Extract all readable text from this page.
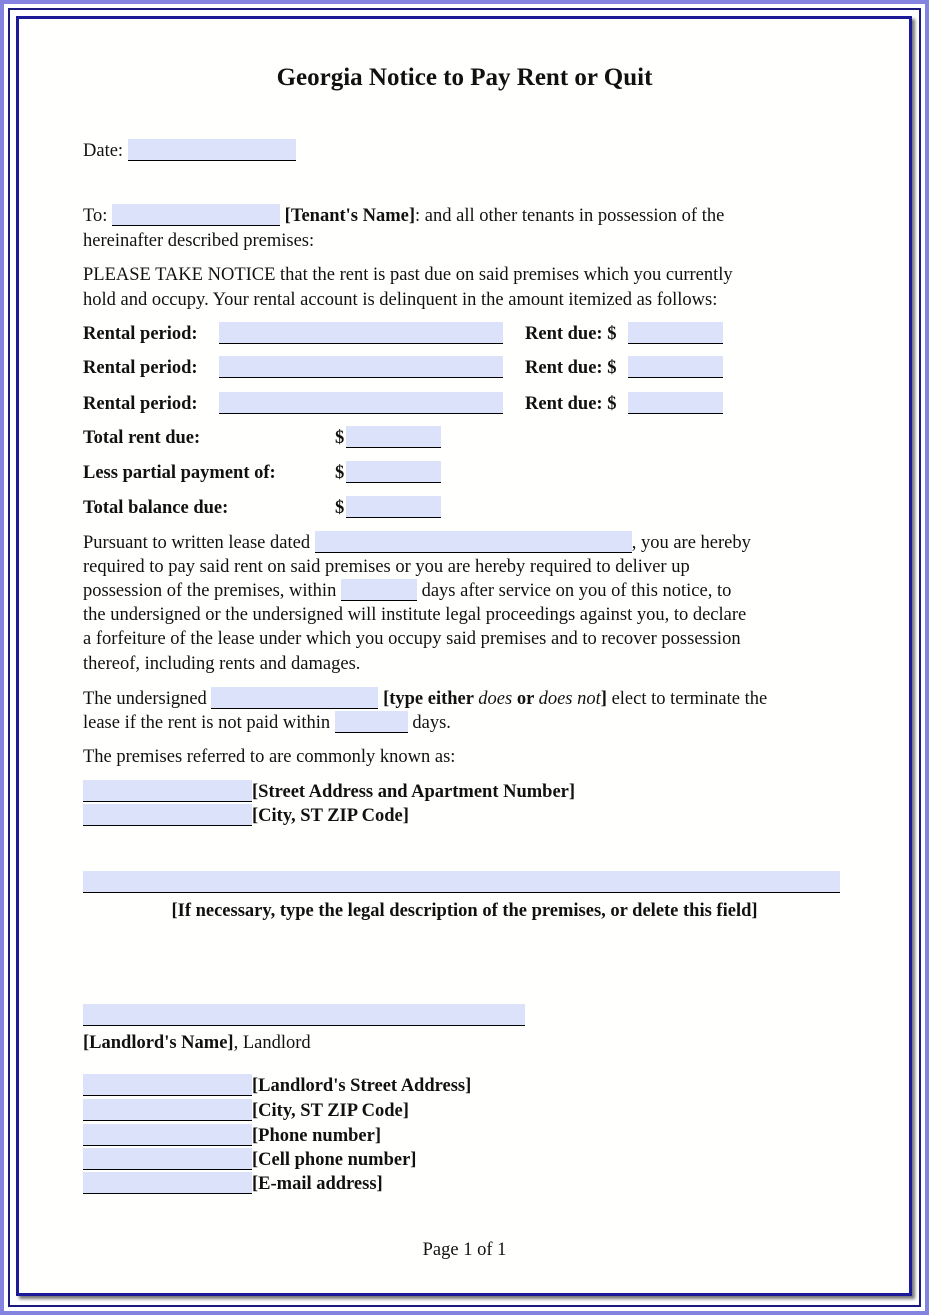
Georgia Notice to Pay Rent or Quit
Date:
To:	[Tenant's Name]: and all other tenants in possession of the
hereinafter described premises:
PLEASE TAKE NOTICE that the rent is past due on said premises which you currently
hold and occupy. Your rental account is delinquent in the amount itemized as follows:
Rental period:	Rent due: $
Rental period:	Rent due: $
Rental period:	Rent due: $
Total rent due:	$
Less partial payment of:	$
Total balance due:	$
Pursuant to written lease dated	, you are hereby
required to pay said rent on said premises or you are hereby required to deliver up
possession of the premises, within	days after service on you of this notice, to
the undersigned or the undersigned will institute legal proceedings against you, to declare
a forfeiture of the lease under which you occupy said premises and to recover possession
thereof, including rents and damages.
The undersigned	[type either does or does not] elect to terminate the
lease if the rent is not paid within	days.
The premises referred to are commonly known as:
[Street Address and Apartment Number]
[City, ST ZIP Code]
[If necessary, type the legal description of the premises, or delete this field]
[Landlord's Name], Landlord
[Landlord's Street Address]
[City, ST ZIP Code]
[Phone number]
[Cell phone number]
[E-mail address]
Page 1 of 1
